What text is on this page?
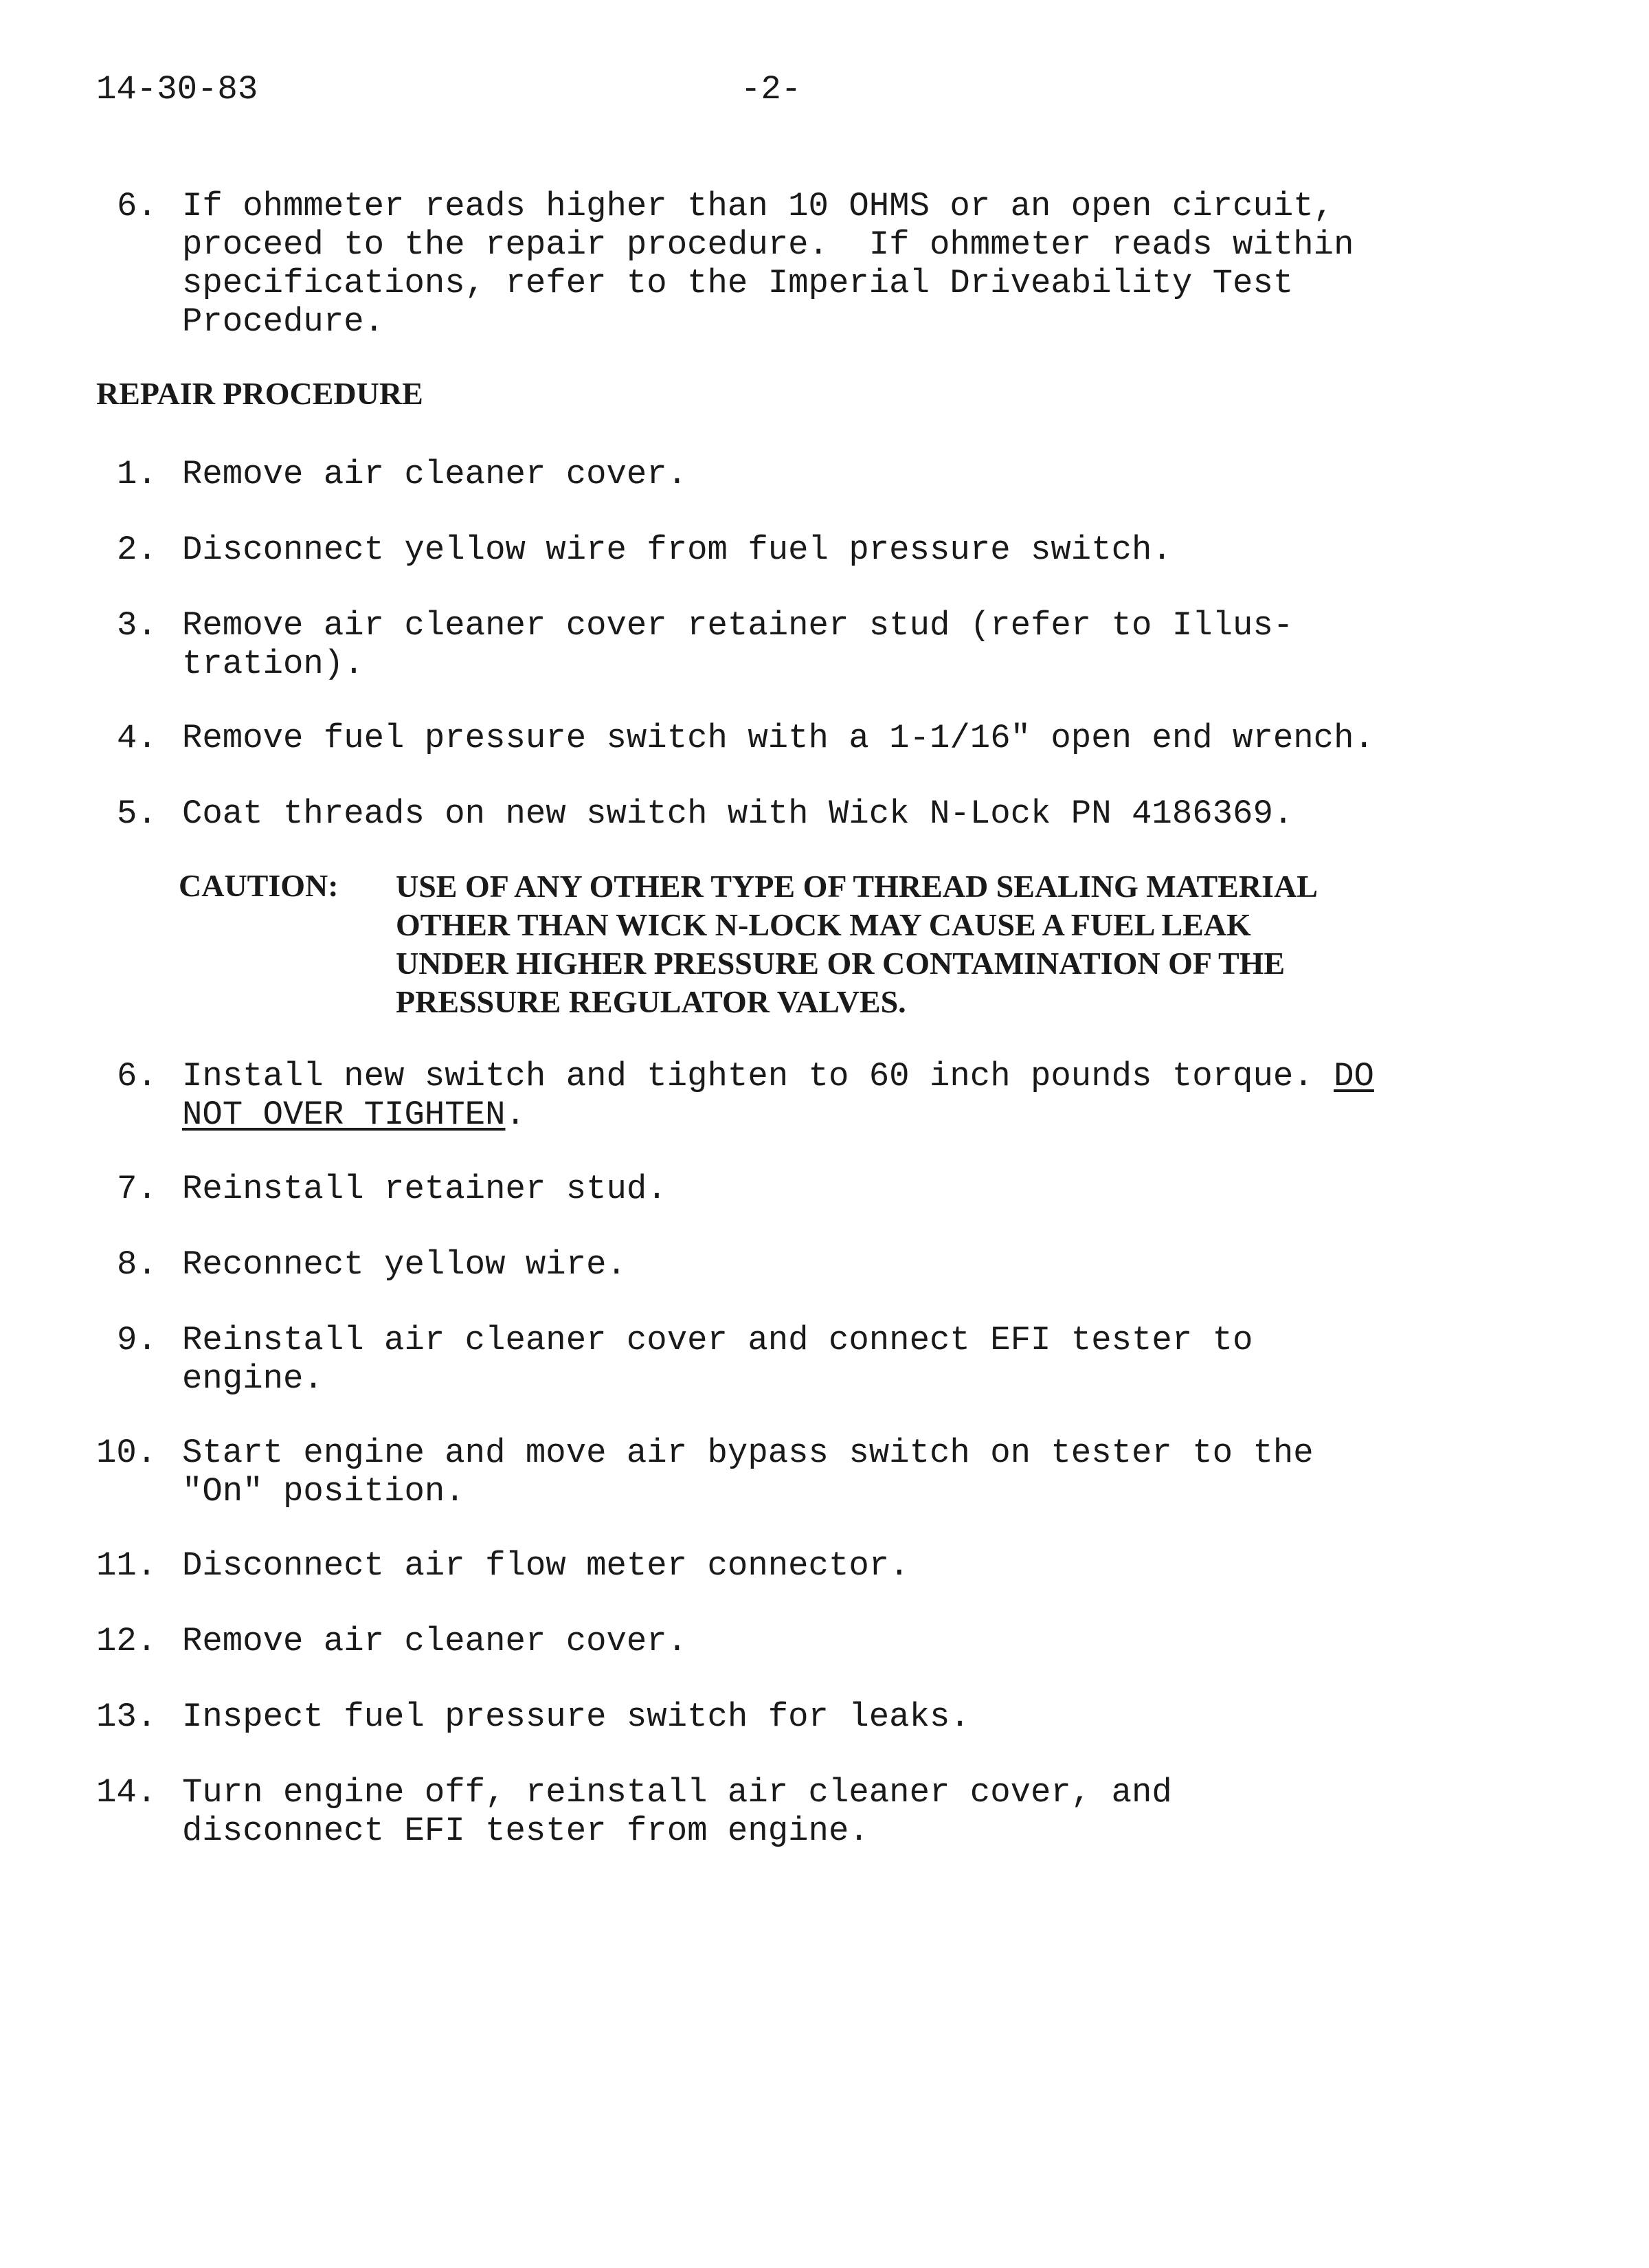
14-30-83	-2-
6. If ohmmeter reads higher than 10 OHMS or an open circuit,
proceed to the repair procedure.  If ohmmeter reads within
specifications, refer to the Imperial Driveability Test
Procedure.
REPAIR PROCEDURE
1. Remove air cleaner cover.
2. Disconnect yellow wire from fuel pressure switch.
3. Remove air cleaner cover retainer stud (refer to Illus-
tration).
4. Remove fuel pressure switch with a 1-1/16" open end wrench.
5. Coat threads on new switch with Wick N-Lock PN 4186369.
CAUTION: USE OF ANY OTHER TYPE OF THREAD SEALING MATERIAL
OTHER THAN WICK N-LOCK MAY CAUSE A FUEL LEAK
UNDER HIGHER PRESSURE OR CONTAMINATION OF THE
PRESSURE REGULATOR VALVES.
6. Install new switch and tighten to 60 inch pounds torque. DO
NOT OVER TIGHTEN.
7. Reinstall retainer stud.
8. Reconnect yellow wire.
9. Reinstall air cleaner cover and connect EFI tester to
engine.
10. Start engine and move air bypass switch on tester to the
"On" position.
11. Disconnect air flow meter connector.
12. Remove air cleaner cover.
13. Inspect fuel pressure switch for leaks.
14. Turn engine off, reinstall air cleaner cover, and
disconnect EFI tester from engine.
